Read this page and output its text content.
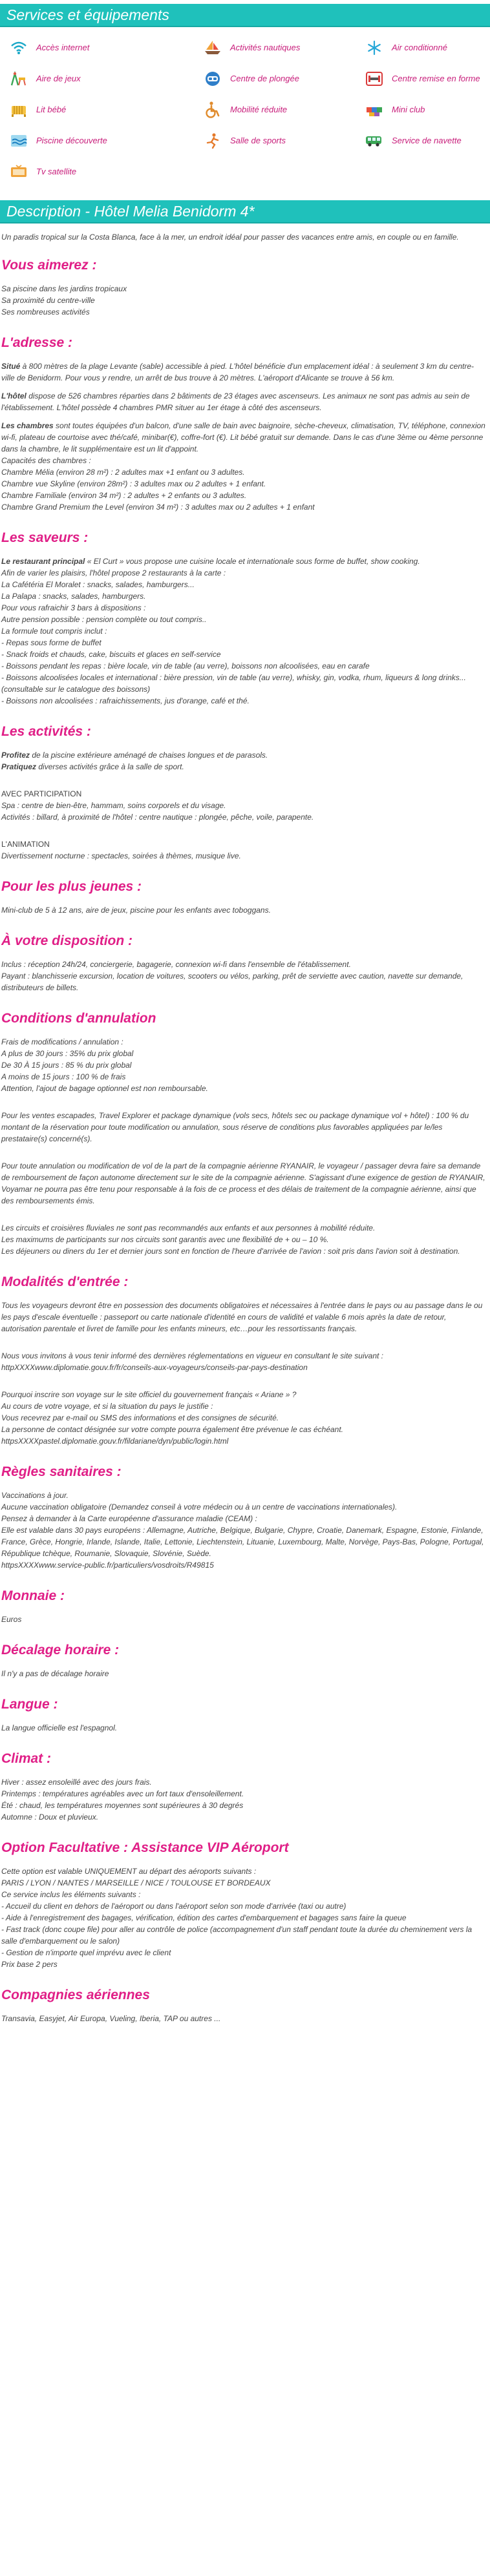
Services et équipements
Accès internet	Activités nautiques	Air conditionné
Aire de jeux	Centre de plongée	Centre remise en forme
Lit bébé	Mobilité réduite	Mini club
Piscine découverte	Salle de sports	Service de navette
Tv satellite
Description - Hôtel Melia Benidorm 4*

Un paradis tropical sur la Costa Blanca, face à la mer, un endroit idéal pour passer des vacances entre amis, en couple ou en famille.

Vous aimerez :
Sa piscine dans les jardins tropicaux
Sa proximité du centre-ville
Ses nombreuses activités
L'adresse :

Situé à 800 mètres de la plage Levante (sable) accessible à pied. L'hôtel bénéficie d'un emplacement idéal : à seulement 3 km du centre- ville de Benidorm. Pour vous y rendre, un arrêt de bus trouve à 20 mètres. L'aéroport d'Alicante se trouve à 56 km.

L'hôtel dispose de 526 chambres réparties dans 2 bâtiments de 23 étages avec ascenseurs. Les animaux ne sont pas admis au sein de l'établissement. L'hôtel possède 4 chambres PMR situer au 1er étage à côté des ascenseurs.

Les chambres sont toutes équipées d'un balcon, d'une salle de bain avec baignoire, sèche-cheveux, climatisation, TV, téléphone, connexion wi-fi, plateau de courtoise avec thé/café, minibar(€), coffre-fort (€). Lit bébé gratuit sur demande. Dans le cas d'une 3ème ou 4ème personne dans la chambre, le lit supplémentaire est un lit d'appoint.

Capacités des chambres :
Chambre Mélia (environ 28 m²) : 2 adultes max +1 enfant ou 3 adultes.
Chambre vue Skyline (environ 28m²) : 3 adultes max ou 2 adultes + 1 enfant.
Chambre Familiale (environ 34 m²) : 2 adultes + 2 enfants ou 3 adultes.
Chambre Grand Premium the Level (environ 34 m²) : 3 adultes max ou 2 adultes + 1 enfant
Les saveurs :
Le restaurant principal « El Curt » vous propose une cuisine locale et internationale sous forme de buffet, show cooking.
Afin de varier les plaisirs, l'hôtel propose 2 restaurants à la carte :
La Cafétéria El Moralet : snacks, salades, hamburgers...
La Palapa : snacks, salades, hamburgers.
Pour vous rafraichir 3 bars à dispositions :
Autre pension possible : pension complète ou tout compris..
La formule tout compris inclut :
- Repas sous forme de buffet
- Snack froids et chauds, cake, biscuits et glaces en self-service
- Boissons pendant les repas : bière locale, vin de table (au verre), boissons non alcoolisées, eau en carafe
- Boissons alcoolisées locales et international : bière pression, vin de table (au verre), whisky, gin, vodka, rhum, liqueurs & long drinks...(consultable sur le catalogue des boissons)
- Boissons non alcoolisées : rafraichissements, jus d'orange, café et thé.
Les activités :
Profitez de la piscine extérieure aménagé de chaises longues et de parasols.
Pratiquez diverses activités grâce à la salle de sport.
AVEC PARTICIPATION
Spa : centre de bien-être, hammam, soins corporels et du visage.
Activités : billard, à proximité de l'hôtel : centre nautique : plongée, pêche, voile, parapente.
L'ANIMATION
Divertissement nocturne : spectacles, soirées à thèmes, musique live.
Pour les plus jeunes :

Mini-club de 5 à 12 ans, aire de jeux, piscine pour les enfants avec toboggans.

À votre disposition :
Inclus : réception 24h/24, conciergerie, bagagerie, connexion wi-fi dans l'ensemble de l'établissement.
Payant : blanchisserie excursion, location de voitures, scooters ou vélos, parking, prêt de serviette avec caution, navette sur demande, distributeurs de billets.
Conditions d'annulation
Frais de modifications / annulation :
A plus de 30 jours : 35% du prix global
De 30 À 15 jours : 85 % du prix global
A moins de 15 jours : 100 % de frais
Attention, l'ajout de bagage optionnel est non remboursable.

Pour les ventes escapades, Travel Explorer et package dynamique (vols secs, hôtels sec ou package dynamique vol + hôtel) : 100 % du montant de la réservation pour toute modification ou annulation, sous réserve de conditions plus favorables appliquées par le/les prestataire(s) concerné(s).

Pour toute annulation ou modification de vol de la part de la compagnie aérienne RYANAIR, le voyageur / passager devra faire sa demande de remboursement de façon autonome directement sur le site de la compagnie aérienne. S'agissant d'une exigence de gestion de RYANAIR, Voyamar ne pourra pas être tenu pour responsable à la fois de ce process et des délais de traitement de la compagnie aérienne, ainsi que des remboursements émis.

Les circuits et croisières fluviales ne sont pas recommandés aux enfants et aux personnes à mobilité réduite.
Les maximums de participants sur nos circuits sont garantis avec une flexibilité de + ou – 10 %.
Les déjeuners ou diners du 1er et dernier jours sont en fonction de l'heure d'arrivée de l'avion : soit pris dans l'avion soit à destination.
Modalités d'entrée :

Tous les voyageurs devront être en possession des documents obligatoires et nécessaires à l'entrée dans le pays ou au passage dans le ou les pays d'escale éventuelle : passeport ou carte nationale d'identité en cours de validité et valable 6 mois après la date de retour, autorisation parentale et livret de famille pour les enfants mineurs, etc…pour les ressortissants français.

Nous vous invitons à vous tenir informé des dernières réglementations en vigueur en consultant le site suivant :
httpXXXXwww.diplomatie.gouv.fr/fr/conseils-aux-voyageurs/conseils-par-pays-destination
Pourquoi inscrire son voyage sur le site officiel du gouvernement français « Ariane » ?
Au cours de votre voyage, et si la situation du pays le justifie :
Vous recevrez par e-mail ou SMS des informations et des consignes de sécurité.
La personne de contact désignée sur votre compte pourra également être prévenue le cas échéant.
httpsXXXXpastel.diplomatie.gouv.fr/fildariane/dyn/public/login.html
Règles sanitaires :
Vaccinations à jour.
Aucune vaccination obligatoire (Demandez conseil à votre médecin ou à un centre de vaccinations internationales).
Pensez à demander à la Carte européenne d'assurance maladie (CEAM) :
Elle est valable dans 30 pays européens : Allemagne, Autriche, Belgique, Bulgarie, Chypre, Croatie, Danemark, Espagne, Estonie, Finlande, France, Grèce, Hongrie, Irlande, Islande, Italie, Lettonie, Liechtenstein, Lituanie, Luxembourg, Malte, Norvège, Pays-Bas, Pologne, Portugal, République tchèque, Roumanie, Slovaquie, Slovénie, Suède.
httpsXXXXwww.service-public.fr/particuliers/vosdroits/R49815
Monnaie :

Euros

Décalage horaire :

Il n'y a pas de décalage horaire

Langue :

La langue officielle est l'espagnol.

Climat :
Hiver : assez ensoleillé avec des jours frais.
Printemps : températures agréables avec un fort taux d'ensoleillement.
Été : chaud, les températures moyennes sont supérieures à 30 degrés
Automne : Doux et pluvieux.
Option Facultative : Assistance VIP Aéroport
Cette option est valable UNIQUEMENT au départ des aéroports suivants :
PARIS / LYON / NANTES / MARSEILLE / NICE / TOULOUSE ET BORDEAUX
Ce service inclus les éléments suivants :
- Accueil du client en dehors de l'aéroport ou dans l'aéroport selon son mode d'arrivée (taxi ou autre)
- Aide à l'enregistrement des bagages, vérification, édition des cartes d'embarquement et bagages sans faire la queue
- Fast track (donc coupe file) pour aller au contrôle de police (accompagnement d'un staff pendant toute la durée du cheminement vers la salle d'embarquement ou le salon)
- Gestion de n'importe quel imprévu avec le client
Prix base 2 pers
Compagnies aériennes

Transavia, Easyjet, Air Europa, Vueling, Iberia, TAP ou autres ...
